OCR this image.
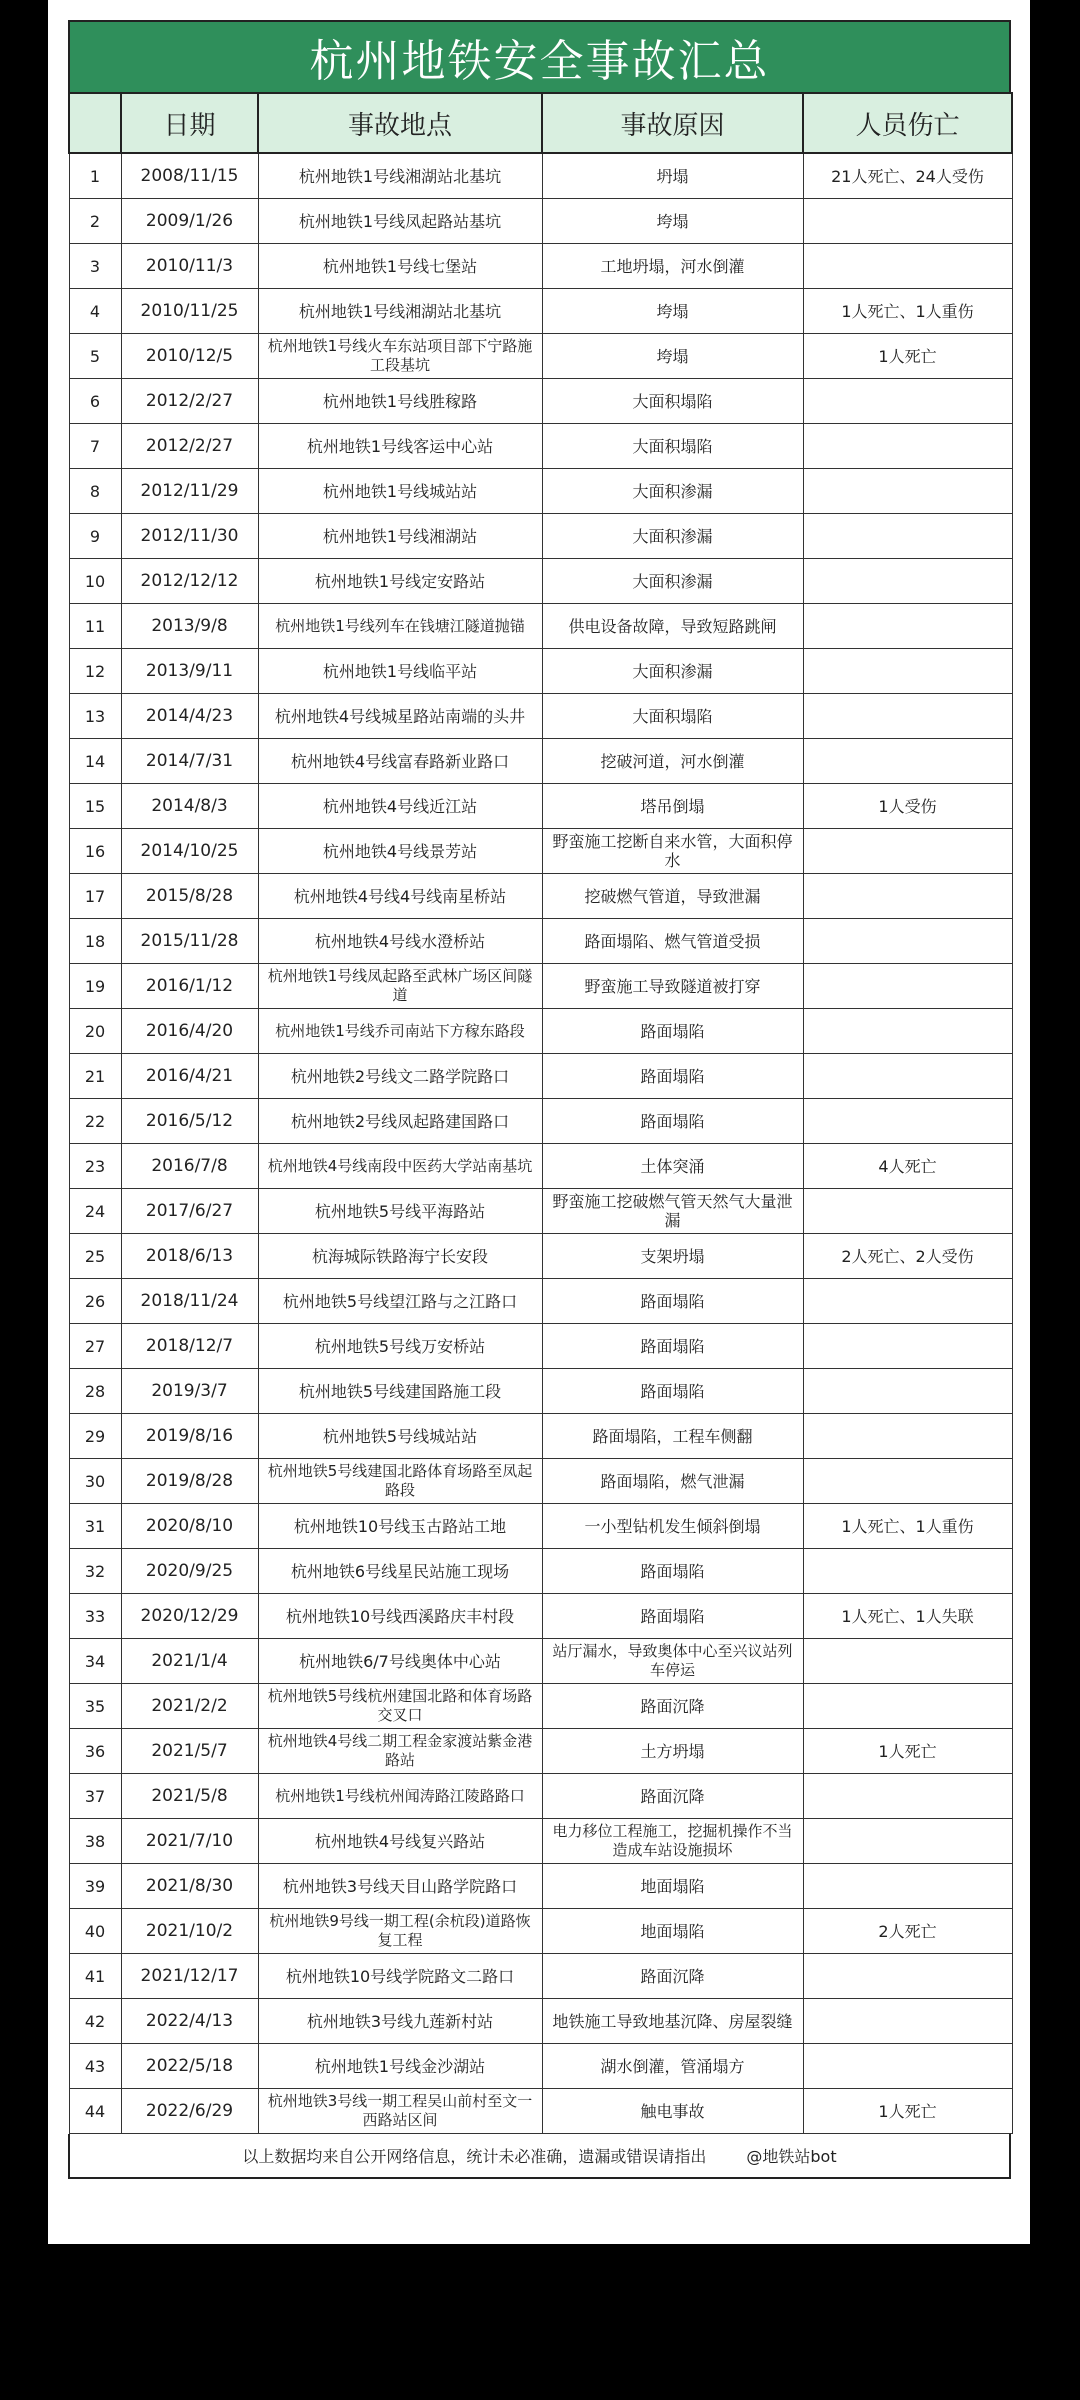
杭州地铁安全事故汇总
	日期	事故地点	事故原因	人员伤亡
1	2008/11/15	杭州地铁1号线湘湖站北基坑	坍塌	21人死亡、24人受伤
2	2009/1/26	杭州地铁1号线凤起路站基坑	垮塌	
3	2010/11/3	杭州地铁1号线七堡站	工地坍塌，河水倒灌	
4	2010/11/25	杭州地铁1号线湘湖站北基坑	垮塌	1人死亡、1人重伤
5	2010/12/5	杭州地铁1号线火车东站项目部下宁路施工段基坑	垮塌	1人死亡
6	2012/2/27	杭州地铁1号线胜稼路	大面积塌陷	
7	2012/2/27	杭州地铁1号线客运中心站	大面积塌陷	
8	2012/11/29	杭州地铁1号线城站站	大面积渗漏	
9	2012/11/30	杭州地铁1号线湘湖站	大面积渗漏	
10	2012/12/12	杭州地铁1号线定安路站	大面积渗漏	
11	2013/9/8	杭州地铁1号线列车在钱塘江隧道抛锚	供电设备故障，导致短路跳闸	
12	2013/9/11	杭州地铁1号线临平站	大面积渗漏	
13	2014/4/23	杭州地铁4号线城星路站南端的头井	大面积塌陷	
14	2014/7/31	杭州地铁4号线富春路新业路口	挖破河道，河水倒灌	
15	2014/8/3	杭州地铁4号线近江站	塔吊倒塌	1人受伤
16	2014/10/25	杭州地铁4号线景芳站	野蛮施工挖断自来水管，大面积停水	
17	2015/8/28	杭州地铁4号线4号线南星桥站	挖破燃气管道，导致泄漏	
18	2015/11/28	杭州地铁4号线水澄桥站	路面塌陷、燃气管道受损	
19	2016/1/12	杭州地铁1号线凤起路至武林广场区间隧道	野蛮施工导致隧道被打穿	
20	2016/4/20	杭州地铁1号线乔司南站下方稼东路段	路面塌陷	
21	2016/4/21	杭州地铁2号线文二路学院路口	路面塌陷	
22	2016/5/12	杭州地铁2号线凤起路建国路口	路面塌陷	
23	2016/7/8	杭州地铁4号线南段中医药大学站南基坑	土体突涌	4人死亡
24	2017/6/27	杭州地铁5号线平海路站	野蛮施工挖破燃气管天然气大量泄漏	
25	2018/6/13	杭海城际铁路海宁长安段	支架坍塌	2人死亡、2人受伤
26	2018/11/24	杭州地铁5号线望江路与之江路口	路面塌陷	
27	2018/12/7	杭州地铁5号线万安桥站	路面塌陷	
28	2019/3/7	杭州地铁5号线建国路施工段	路面塌陷	
29	2019/8/16	杭州地铁5号线城站站	路面塌陷，工程车侧翻	
30	2019/8/28	杭州地铁5号线建国北路体育场路至凤起路段	路面塌陷，燃气泄漏	
31	2020/8/10	杭州地铁10号线玉古路站工地	一小型钻机发生倾斜倒塌	1人死亡、1人重伤
32	2020/9/25	杭州地铁6号线星民站施工现场	路面塌陷	
33	2020/12/29	杭州地铁10号线西溪路庆丰村段	路面塌陷	1人死亡、1人失联
34	2021/1/4	杭州地铁6/7号线奥体中心站	站厅漏水，导致奥体中心至兴议站列车停运	
35	2021/2/2	杭州地铁5号线杭州建国北路和体育场路交叉口	路面沉降	
36	2021/5/7	杭州地铁4号线二期工程金家渡站紫金港路站	土方坍塌	1人死亡
37	2021/5/8	杭州地铁1号线杭州闻涛路江陵路路口	路面沉降	
38	2021/7/10	杭州地铁4号线复兴路站	电力移位工程施工，挖掘机操作不当造成车站设施损坏	
39	2021/8/30	杭州地铁3号线天目山路学院路口	地面塌陷	
40	2021/10/2	杭州地铁9号线一期工程(余杭段)道路恢复工程	地面塌陷	2人死亡
41	2021/12/17	杭州地铁10号线学院路文二路口	路面沉降	
42	2022/4/13	杭州地铁3号线九莲新村站	地铁施工导致地基沉降、房屋裂缝	
43	2022/5/18	杭州地铁1号线金沙湖站	湖水倒灌，管涌塌方	
44	2022/6/29	杭州地铁3号线一期工程吴山前村至文一西路站区间	触电事故	1人死亡
以上数据均来自公开网络信息，统计未必准确，遗漏或错误请指出	@地铁站bot
